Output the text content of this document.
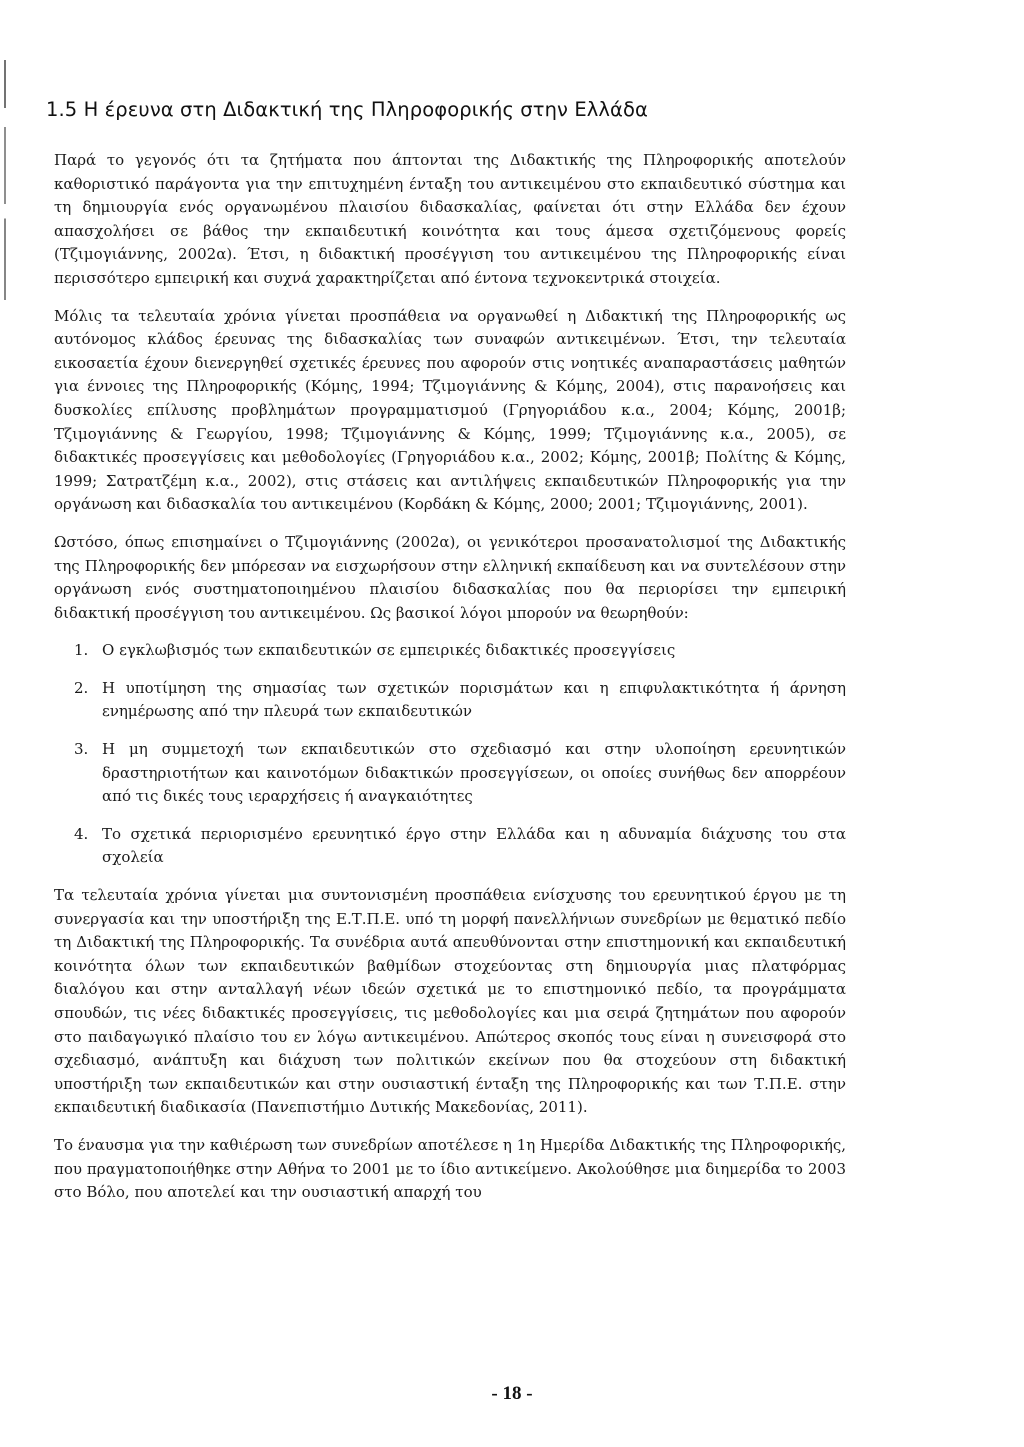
1.5 Η έρευνα στη Διδακτική της Πληροφορικής στην Ελλάδα

Παρά το γεγονός ότι τα ζητήματα που άπτονται της Διδακτικής της Πληροφορικής αποτελούν καθοριστικό παράγοντα για την επιτυχημένη ένταξη του αντικειμένου στο εκπαιδευτικό σύστημα και τη δημιουργία ενός οργανωμένου πλαισίου διδασκαλίας, φαίνεται ότι στην Ελλάδα δεν έχουν απασχολήσει σε βάθος την εκπαιδευτική κοινότητα και τους άμεσα σχετιζόμενους φορείς (Τζιμογιάννης, 2002α). Έτσι, η διδακτική προσέγγιση του αντικειμένου της Πληροφορικής είναι περισσότερο εμπειρική και συχνά χαρακτηρίζεται από έντονα τεχνοκεντρικά στοιχεία.

Μόλις τα τελευταία χρόνια γίνεται προσπάθεια να οργανωθεί η Διδακτική της Πληροφορικής ως αυτόνομος κλάδος έρευνας της διδασκαλίας των συναφών αντικειμένων. Έτσι, την τελευταία εικοσαετία έχουν διενεργηθεί σχετικές έρευνες που αφορούν στις νοητικές αναπαραστάσεις μαθητών για έννοιες της Πληροφορικής (Κόμης, 1994; Τζιμογιάννης & Κόμης, 2004), στις παρανοήσεις και δυσκολίες επίλυσης προβλημάτων προγραμματισμού (Γρηγοριάδου κ.α., 2004; Κόμης, 2001β; Τζιμογιάννης & Γεωργίου, 1998; Τζιμογιάννης & Κόμης, 1999; Τζιμογιάννης κ.α., 2005), σε διδακτικές προσεγγίσεις και μεθοδολογίες (Γρηγοριάδου κ.α., 2002; Κόμης, 2001β; Πολίτης & Κόμης, 1999; Σατρατζέμη κ.α., 2002), στις στάσεις και αντιλήψεις εκπαιδευτικών Πληροφορικής για την οργάνωση και διδασκαλία του αντικειμένου (Κορδάκη & Κόμης, 2000; 2001; Τζιμογιάννης, 2001).

Ωστόσο, όπως επισημαίνει ο Τζιμογιάννης (2002α), οι γενικότεροι προσανατολισμοί της Διδακτικής της Πληροφορικής δεν μπόρεσαν να εισχωρήσουν στην ελληνική εκπαίδευση και να συντελέσουν στην οργάνωση ενός συστηματοποιημένου πλαισίου διδασκαλίας που θα περιορίσει την εμπειρική διδακτική προσέγγιση του αντικειμένου. Ως βασικοί λόγοι μπορούν να θεωρηθούν:

1. Ο εγκλωβισμός των εκπαιδευτικών σε εμπειρικές διδακτικές προσεγγίσεις
2. Η υποτίμηση της σημασίας των σχετικών πορισμάτων και η επιφυλακτικότητα ή άρνηση ενημέρωσης από την πλευρά των εκπαιδευτικών
3. Η μη συμμετοχή των εκπαιδευτικών στο σχεδιασμό και στην υλοποίηση ερευνητικών δραστηριοτήτων και καινοτόμων διδακτικών προσεγγίσεων, οι οποίες συνήθως δεν απορρέουν από τις δικές τους ιεραρχήσεις ή αναγκαιότητες
4. Το σχετικά περιορισμένο ερευνητικό έργο στην Ελλάδα και η αδυναμία διάχυσης του στα σχολεία

Τα τελευταία χρόνια γίνεται μια συντονισμένη προσπάθεια ενίσχυσης του ερευνητικού έργου με τη συνεργασία και την υποστήριξη της Ε.Τ.Π.Ε. υπό τη μορφή πανελλήνιων συνεδρίων με θεματικό πεδίο τη Διδακτική της Πληροφορικής. Τα συνέδρια αυτά απευθύνονται στην επιστημονική και εκπαιδευτική κοινότητα όλων των εκπαιδευτικών βαθμίδων στοχεύοντας στη δημιουργία μιας πλατφόρμας διαλόγου και στην ανταλλαγή νέων ιδεών σχετικά με το επιστημονικό πεδίο, τα προγράμματα σπουδών, τις νέες διδακτικές προσεγγίσεις, τις μεθοδολογίες και μια σειρά ζητημάτων που αφορούν στο παιδαγωγικό πλαίσιο του εν λόγω αντικειμένου. Απώτερος σκοπός τους είναι η συνεισφορά στο σχεδιασμό, ανάπτυξη και διάχυση των πολιτικών εκείνων που θα στοχεύουν στη διδακτική υποστήριξη των εκπαιδευτικών και στην ουσιαστική ένταξη της Πληροφορικής και των Τ.Π.Ε. στην εκπαιδευτική διαδικασία (Πανεπιστήμιο Δυτικής Μακεδονίας, 2011).

Το έναυσμα για την καθιέρωση των συνεδρίων αποτέλεσε η 1η Ημερίδα Διδακτικής της Πληροφορικής, που πραγματοποιήθηκε στην Αθήνα το 2001 με το ίδιο αντικείμενο. Ακολούθησε μια διημερίδα το 2003 στο Βόλο, που αποτελεί και την ουσιαστική απαρχή του

- 18 -
